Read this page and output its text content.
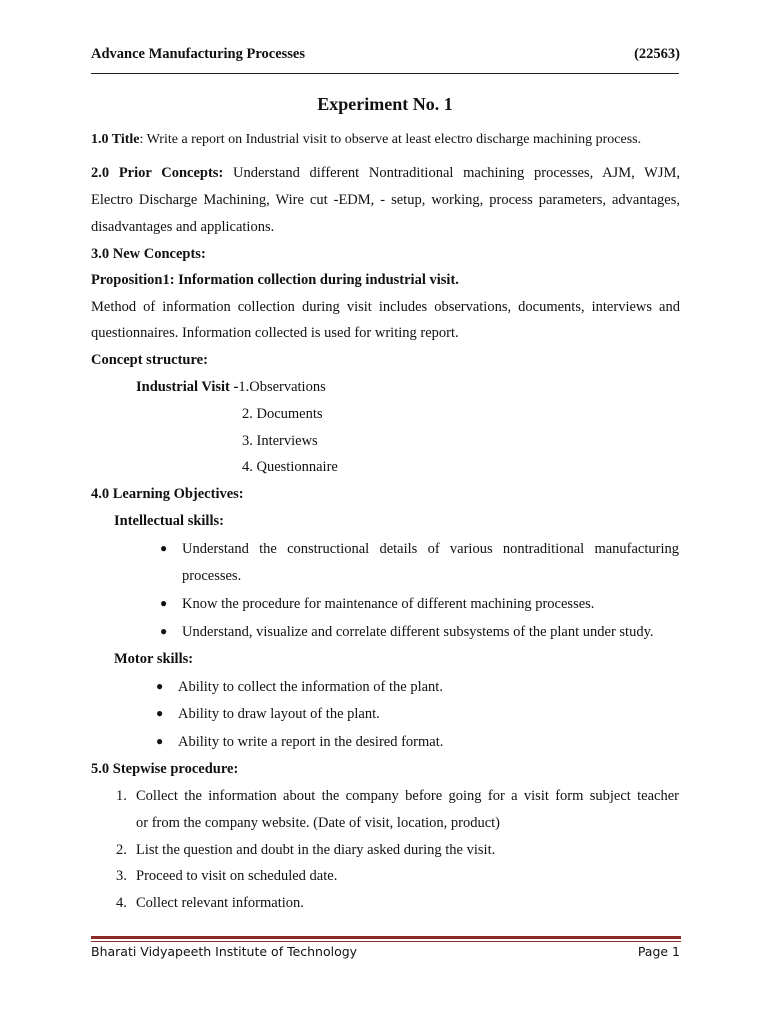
Advance Manufacturing Processes	(22563)
Experiment No. 1
1.0 Title: Write a report on Industrial visit to observe at least electro discharge machining process.
2.0 Prior Concepts: Understand different Nontraditional machining processes, AJM, WJM,
Electro Discharge Machining, Wire cut -EDM, - setup, working, process parameters, advantages,
disadvantages and applications.
3.0 New Concepts:
Proposition1: Information collection during industrial visit.
Method of information collection during visit includes observations, documents, interviews and
questionnaires. Information collected is used for writing report.
Concept structure:
Industrial Visit -1.Observations
2. Documents
3. Interviews
4. Questionnaire
4.0 Learning Objectives:
Intellectual skills:
● Understand the constructional details of various nontraditional manufacturing
processes.
● Know the procedure for maintenance of different machining processes.
● Understand, visualize and correlate different subsystems of the plant under study.
Motor skills:
● Ability to collect the information of the plant.
● Ability to draw layout of the plant.
● Ability to write a report in the desired format.
5.0 Stepwise procedure:
1. Collect the information about the company before going for a visit form subject teacher
or from the company website. (Date of visit, location, product)
2. List the question and doubt in the diary asked during the visit.
3. Proceed to visit on scheduled date.
4. Collect relevant information.
Bharati Vidyapeeth Institute of Technology	Page 1
